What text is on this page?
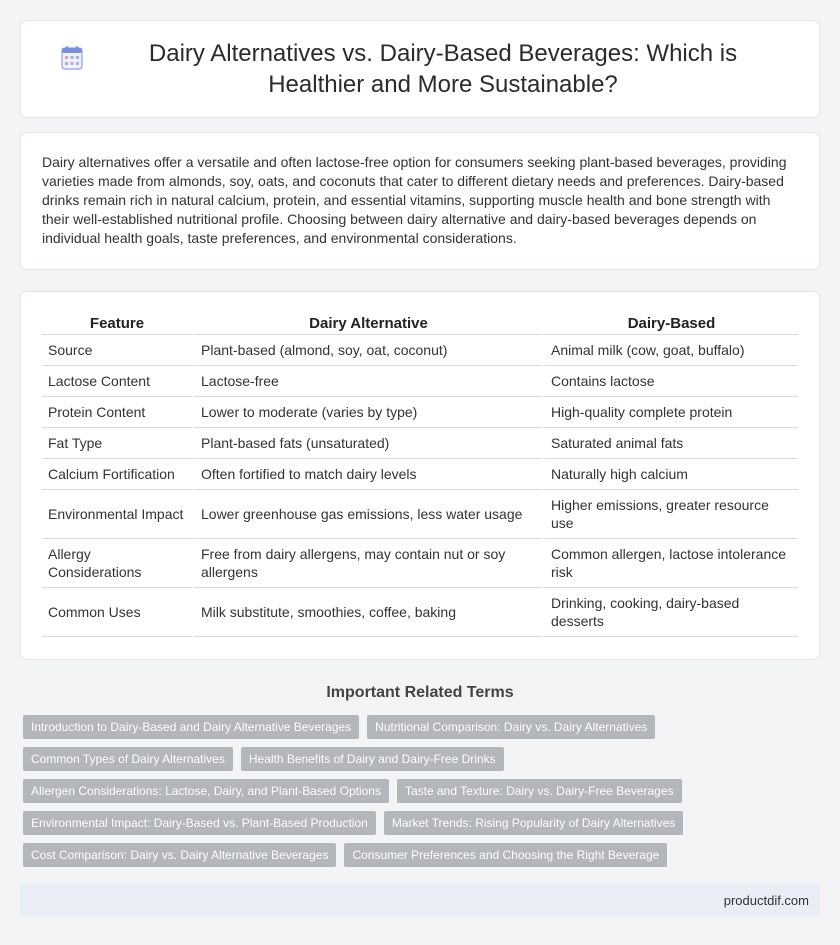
Dairy Alternatives vs. Dairy-Based Beverages: Which is Healthier and More Sustainable?

Dairy alternatives offer a versatile and often lactose-free option for consumers seeking plant-based beverages, providing varieties made from almonds, soy, oats, and coconuts that cater to different dietary needs and preferences. Dairy-based drinks remain rich in natural calcium, protein, and essential vitamins, supporting muscle health and bone strength with their well-established nutritional profile. Choosing between dairy alternative and dairy-based beverages depends on individual health goals, taste preferences, and environmental considerations.

Feature	Dairy Alternative	Dairy-Based
Source	Plant-based (almond, soy, oat, coconut)	Animal milk (cow, goat, buffalo)
Lactose Content	Lactose-free	Contains lactose
Protein Content	Lower to moderate (varies by type)	High-quality complete protein
Fat Type	Plant-based fats (unsaturated)	Saturated animal fats
Calcium Fortification	Often fortified to match dairy levels	Naturally high calcium
Environmental Impact	Lower greenhouse gas emissions, less water usage	Higher emissions, greater resource use
Allergy Considerations	Free from dairy allergens, may contain nut or soy allergens	Common allergen, lactose intolerance risk
Common Uses	Milk substitute, smoothies, coffee, baking	Drinking, cooking, dairy-based desserts
Important Related Terms
Introduction to Dairy-Based and Dairy Alternative Beverages	Nutritional Comparison: Dairy vs. Dairy Alternatives
Common Types of Dairy Alternatives	Health Benefits of Dairy and Dairy-Free Drinks
Allergen Considerations: Lactose, Dairy, and Plant-Based Options	Taste and Texture: Dairy vs. Dairy-Free Beverages
Environmental Impact: Dairy-Based vs. Plant-Based Production	Market Trends: Rising Popularity of Dairy Alternatives
Cost Comparison: Dairy vs. Dairy Alternative Beverages	Consumer Preferences and Choosing the Right Beverage
productdif.com
